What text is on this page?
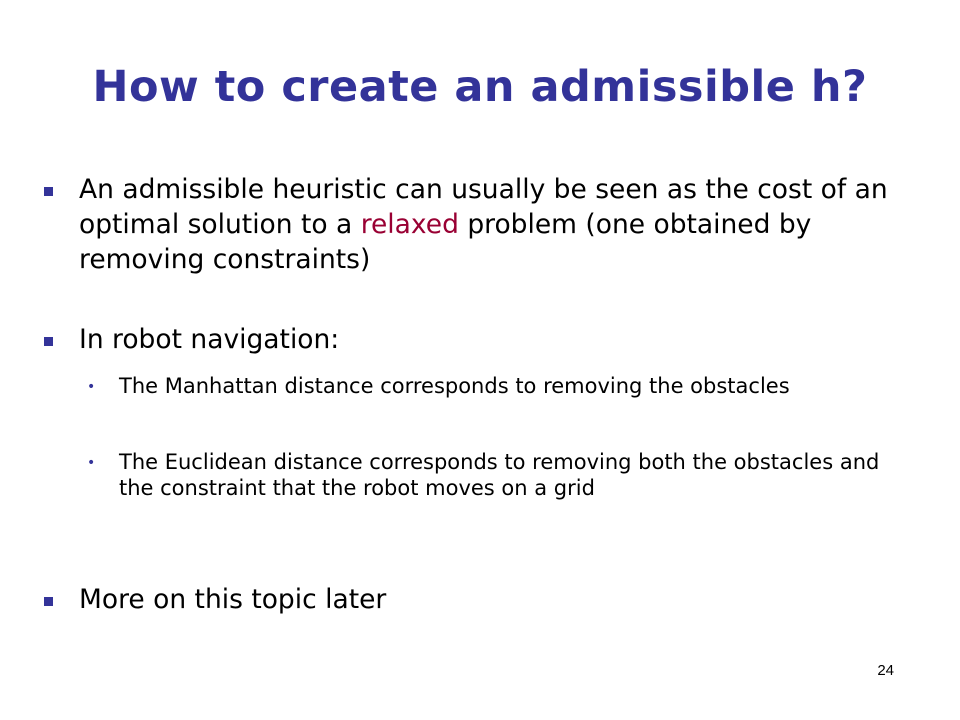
How to create an admissible h?
An admissible heuristic can usually be seen as the cost of an optimal solution to a relaxed problem (one obtained by removing constraints)
In robot navigation:
•	The Manhattan distance corresponds to removing the obstacles
•	The Euclidean distance corresponds to removing both the obstacles and the constraint that the robot moves on a grid
More on this topic later
24
